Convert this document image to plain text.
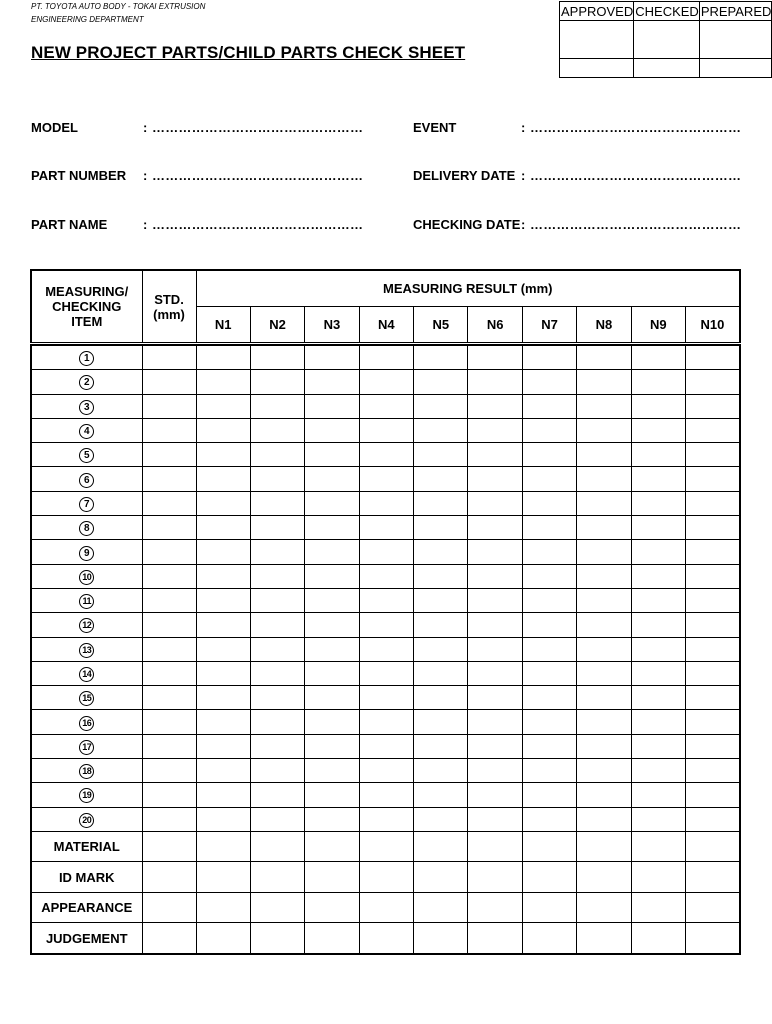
PT. TOYOTA AUTO BODY - TOKAI EXTRUSION
ENGINEERING DEPARTMENT
NEW PROJECT PARTS/CHILD PARTS CHECK SHEET
APPROVED	CHECKED	PREPARED

MODEL	: …………………………………………
PART NUMBER : …………………………………………
PART NAME	: …………………………………………
EVENT	: …………………………………………
DELIVERY DATE : …………………………………………
CHECKING DATE : …………………………………………
MEASURING/ CHECKING ITEM	STD. (mm)	MEASURING RESULT (mm)									
		N1	N2	N3	N4	N5	N6	N7	N8	N9	N10

1											
2											
3											
4											
5											
6											
7											
8											
9											
10											
11											
12											
13											
14											
15											
16											
17											
18											
19											
20											
MATERIAL											
ID MARK											
APPEARANCE											
JUDGEMENT											
